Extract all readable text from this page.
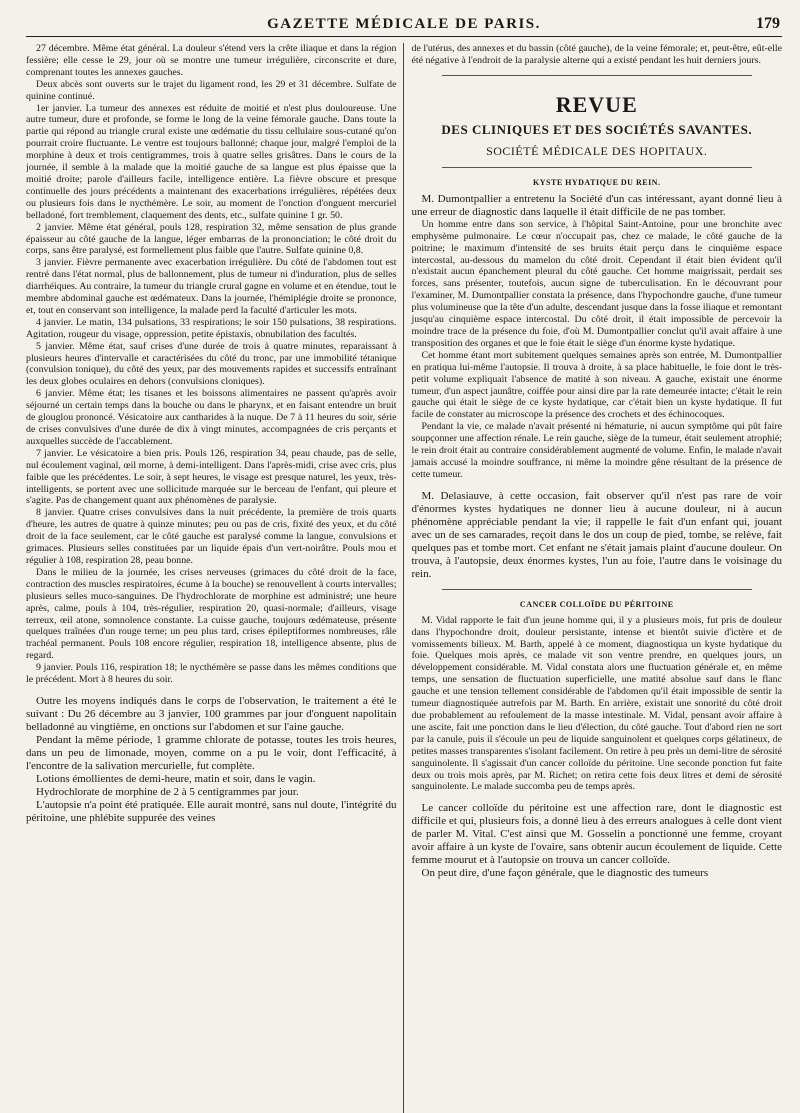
GAZETTE MÉDICALE DE PARIS.	179

27 décembre. Même état général. La douleur s'étend vers la crête iliaque et dans la région fessière; elle cesse le 29, jour où se montre une tumeur irrégulière, circonscrite et dure, comprenant toutes les annexes gauches.

Deux abcès sont ouverts sur le trajet du ligament rond, les 29 et 31 décembre. Sulfate de quinine continué.

1er janvier. La tumeur des annexes est réduite de moitié et n'est plus douloureuse. Une autre tumeur, dure et profonde, se forme le long de la veine fémorale gauche. Dans toute la partie qui répond au triangle crural existe une œdématie du tissu cellulaire sous-cutané qu'on pourrait croire fluctuante. Le ventre est toujours ballonné; chaque jour, malgré l'emploi de la morphine à deux et trois centigrammes, trois à quatre selles grisâtres. Dans le cours de la journée, il semble à la malade que la moitié gauche de sa langue est plus épaisse que la moitié droite; parole d'ailleurs facile, intelligence entière. La fièvre obscure et presque continuelle des jours précédents a maintenant des exacerbations irrégulières, répétées deux ou plusieurs fois dans le nycthémère. Le soir, au moment de l'onction d'onguent mercuriel belladoné, fort tremblement, claquement des dents, etc., sulfate quinine 1 gr. 50.

2 janvier. Même état général, pouls 128, respiration 32, même sensation de plus grande épaisseur au côté gauche de la langue, léger embarras de la prononciation; le côté droit du corps, sans être paralysé, est formellement plus faible que l'autre. Sulfate quinine 0,8.

3 janvier. Fièvre permanente avec exacerbation irrégulière. Du côté de l'abdomen tout est rentré dans l'état normal, plus de ballonnement, plus de tumeur ni d'induration, plus de selles diarrhéiques. Au contraire, la tumeur du triangle crural gagne en volume et en étendue, tout le membre abdominal gauche est œdémateux. Dans la journée, l'hémiplégie droite se prononce, et, tout en conservant son intelligence, la malade perd la faculté d'articuler les mots.

4 janvier. Le matin, 134 pulsations, 33 respirations; le soir 150 pulsations, 38 respirations. Agitation, rougeur du visage, oppression, petite épistaxis, obnubilation des facultés.

5 janvier. Même état, sauf crises d'une durée de trois à quatre minutes, reparaissant à plusieurs heures d'intervalle et caractérisées du côté du tronc, par une immobilité tétanique (convulsion tonique), du côté des yeux, par des mouvements rapides et successifs entraînant les deux globes oculaires en dehors (convulsions cloniques).

6 janvier. Même état; les tisanes et les boissons alimentaires ne passent qu'après avoir séjourné un certain temps dans la bouche ou dans le pharynx, et en faisant entendre un bruit de glouglou prononcé. Vésicatoire aux cantharides à la nuque. De 7 à 11 heures du soir, série de crises convulsives d'une durée de dix à vingt minutes, accompagnées de cris perçants et auxquelles succède de l'accablement.

7 janvier. Le vésicatoire a bien pris. Pouls 126, respiration 34, peau chaude, pas de selle, nul écoulement vaginal, œil morne, à demi-intelligent. Dans l'après-midi, crise avec cris, plus faible que les précédentes. Le soir, à sept heures, le visage est presque naturel, les yeux, très-intelligents, se portent avec une sollicitude marquée sur le berceau de l'enfant, qui pleure et s'agite. Pas de changement quant aux phénomènes de paralysie.

8 janvier. Quatre crises convulsives dans la nuit précédente, la première de trois quarts d'heure, les autres de quatre à quinze minutes; peu ou pas de cris, fixité des yeux, et du côté droit de la face seulement, car le côté gauche est paralysé comme la langue, convulsions et grimaces. Plusieurs selles constituées par un liquide épais d'un vert-noirâtre. Pouls mou et régulier à 108, respiration 28, peau bonne.

Dans le milieu de la journée, les crises nerveuses (grimaces du côté droit de la face, contraction des muscles respiratoires, écume à la bouche) se renouvellent à courts intervalles; plusieurs selles muco-sanguines. De l'hydrochlorate de morphine est administré; une heure après, calme, pouls à 104, très-régulier, respiration 20, quasi-normale; d'ailleurs, visage terreux, œil atone, somnolence constante. La cuisse gauche, toujours œdémateuse, présente quelques traînées d'un rouge terne; un peu plus tard, crises épileptiformes nombreuses, râle trachéal permanent. Pouls 108 encore régulier, respiration 18, intelligence absente, plus de regard.

9 janvier. Pouls 116, respiration 18; le nycthémère se passe dans les mêmes conditions que le précédent. Mort à 8 heures du soir.

Outre les moyens indiqués dans le corps de l'observation, le traitement a été le suivant : Du 26 décembre au 3 janvier, 100 grammes par jour d'onguent napolitain belladonné au vingtième, en onctions sur l'abdomen et sur l'aine gauche.

Pendant la même période, 1 gramme chlorate de potasse, toutes les trois heures, dans un peu de limonade, moyen, comme on a pu le voir, dont l'efficacité, à l'encontre de la salivation mercurielle, fut complète.

Lotions émollientes de demi-heure, matin et soir, dans le vagin.

Hydrochlorate de morphine de 2 à 5 centigrammes par jour.

L'autopsie n'a point été pratiquée. Elle aurait montré, sans nul doute, l'intégrité du péritoine, une phlébite suppurée des veines

de l'utérus, des annexes et du bassin (côté gauche), de la veine fémorale; et, peut-être, eût-elle été négative à l'endroit de la paralysie alterne qui a existé pendant les huit derniers jours.

REVUE
DES CLINIQUES ET DES SOCIÉTÉS SAVANTES.
SOCIÉTÉ MÉDICALE DES HOPITAUX.
KYSTE HYDATIQUE DU REIN.

M. Dumontpallier a entretenu la Société d'un cas intéressant, ayant donné lieu à une erreur de diagnostic dans laquelle il était difficile de ne pas tomber.

Un homme entre dans son service, à l'hôpital Saint-Antoine, pour une bronchite avec emphysème pulmonaire. Le cœur n'occupait pas, chez ce malade, le côté gauche de la poitrine; le maximum d'intensité de ses bruits était perçu dans le cinquième espace intercostal, au-dessous du mamelon du côté droit. Cependant il était bien évident qu'il n'existait aucun épanchement pleural du côté gauche. Cet homme maigrissait, perdait ses forces, sans présenter, toutefois, aucun signe de tuberculisation. En le découvrant pour l'examiner, M. Dumontpallier constata la présence, dans l'hypochondre gauche, d'une tumeur plus volumineuse que la tête d'un adulte, descendant jusque dans la fosse iliaque et remontant jusqu'au cinquième espace intercostal. Du côté droit, il était impossible de percevoir la moindre trace de la présence du foie, d'où M. Dumontpallier conclut qu'il avait affaire à une transposition des organes et que le foie était le siège d'un énorme kyste hydatique.

Cet homme étant mort subitement quelques semaines après son entrée, M. Dumontpallier en pratiqua lui-même l'autopsie. Il trouva à droite, à sa place habituelle, le foie dont le très-petit volume expliquait l'absence de matité à son niveau. A gauche, existait une énorme tumeur, d'un aspect jaunâtre, coiffée pour ainsi dire par la rate demeurée intacte; c'était le rein gauche qui était le siège de ce kyste hydatique, car c'était bien un kyste hydatique. Il fut facile de constater au microscope la présence des crochets et des échinocoques.

Pendant la vie, ce malade n'avait présenté ni hématurie, ni aucun symptôme qui pût faire soupçonner une affection rénale. Le rein gauche, siège de la tumeur, était seulement atrophié; le rein droit était au contraire considérablement augmenté de volume. Enfin, le malade n'avait jamais accusé la moindre souffrance, ni même la moindre gêne résultant de la présence de cette tumeur.

M. Delasiauve, à cette occasion, fait observer qu'il n'est pas rare de voir d'énormes kystes hydatiques ne donner lieu à aucune douleur, ni à aucun phénomène appréciable pendant la vie; il rappelle le fait d'un enfant qui, jouant avec un de ses camarades, reçoit dans le dos un coup de pied, tombe, se relève, fait quelques pas et tombe mort. Cet enfant ne s'était jamais plaint d'aucune douleur. On trouva, à l'autopsie, deux énormes kystes, l'un au foie, l'autre dans le voisinage du rein.

CANCER COLLOÏDE DU PÉRITOINE

M. Vidal rapporte le fait d'un jeune homme qui, il y a plusieurs mois, fut pris de douleur dans l'hypochondre droit, douleur persistante, intense et bientôt suivie d'ictère et de vomissements bilieux. M. Barth, appelé à ce moment, diagnostiqua un kyste hydatique du foie. Quelques mois après, ce malade vit son ventre prendre, en quelques jours, un développement considérable. M. Vidal constata alors une fluctuation générale et, en même temps, une sensation de fluctuation superficielle, une matité absolue sauf dans le flanc gauche et une tension tellement considérable de l'abdomen qu'il était impossible de sentir la tumeur diagnostiquée autrefois par M. Barth. En arrière, existait une sonorité du côté droit due probablement au refoulement de la masse intestinale. M. Vidal, pensant avoir affaire à une ascite, fait une ponction dans le lieu d'élection, du côté gauche. Tout d'abord rien ne sort par la canule, puis il s'écoule un peu de liquide sanguinolent et quelques corps gélatineux, de petites masses transparentes s'isolant facilement. On retire à peu près un demi-litre de sérosité sanguinolente. Il s'agissait d'un cancer colloïde du péritoine. Une seconde ponction fut faite deux ou trois mois après, par M. Richet; on retira cette fois deux litres et demi de sérosité sanguinolente. Le malade succomba peu de temps après.

Le cancer colloïde du péritoine est une affection rare, dont le diagnostic est difficile et qui, plusieurs fois, a donné lieu à des erreurs analogues à celle dont vient de parler M. Vital. C'est ainsi que M. Gosselin a ponctionné une femme, croyant avoir affaire à un kyste de l'ovaire, sans obtenir aucun écoulement de liquide. Cette femme mourut et à l'autopsie on trouva un cancer colloïde.

On peut dire, d'une façon générale, que le diagnostic des tumeurs
